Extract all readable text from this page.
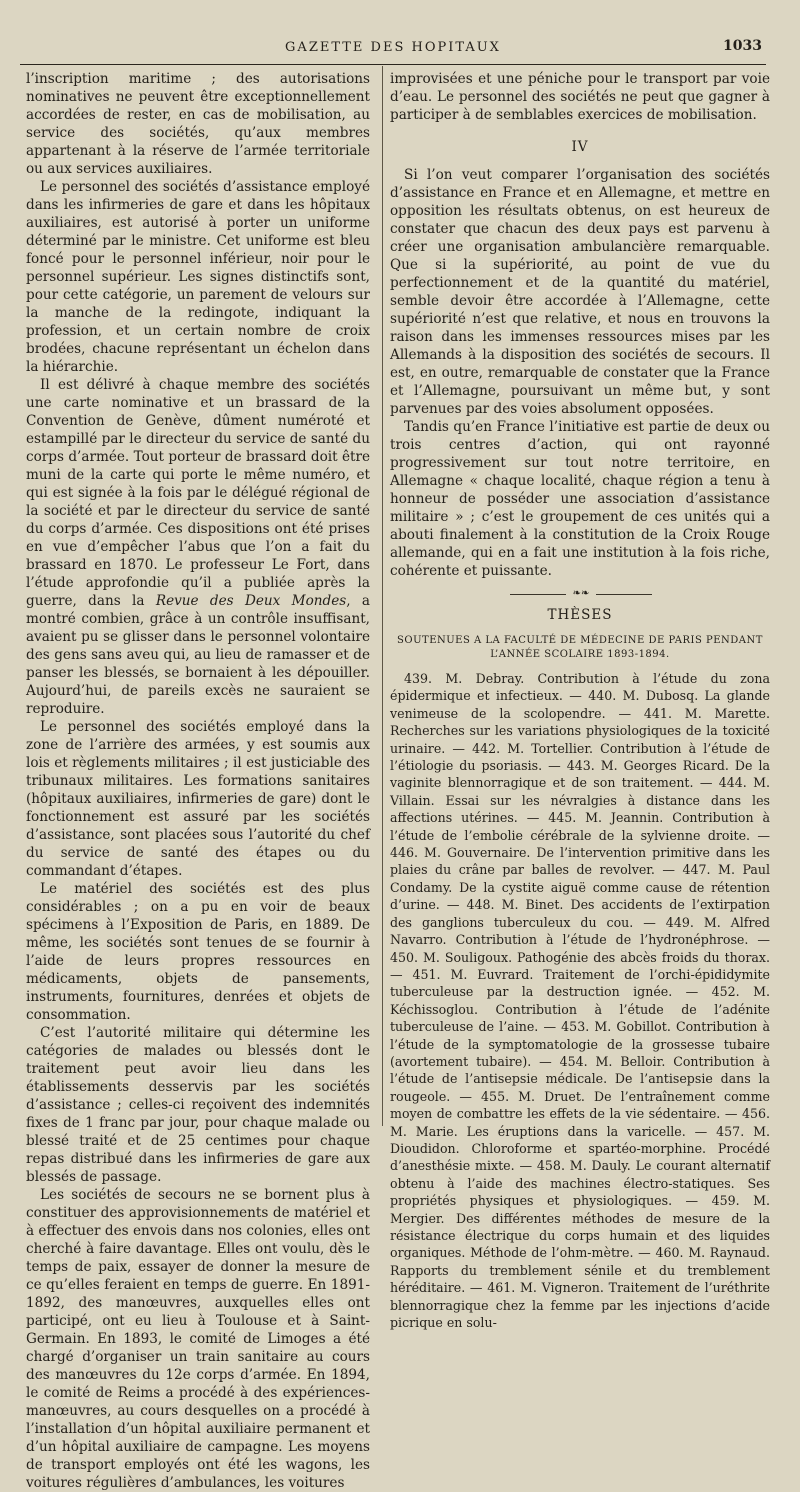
GAZETTE DES HOPITAUX	1033

l’inscription maritime ; des autorisations nominatives ne peuvent être exceptionnellement accordées de rester, en cas de mobilisation, au service des sociétés, qu’aux membres appartenant à la réserve de l’armée territoriale ou aux services auxiliaires.

Le personnel des sociétés d’assistance employé dans les infirmeries de gare et dans les hôpitaux auxiliaires, est autorisé à porter un uniforme déterminé par le ministre. Cet uniforme est bleu foncé pour le personnel inférieur, noir pour le personnel supérieur. Les signes distinctifs sont, pour cette catégorie, un parement de velours sur la manche de la redingote, indiquant la profession, et un certain nombre de croix brodées, chacune représentant un échelon dans la hiérarchie.

Il est délivré à chaque membre des sociétés une carte nominative et un brassard de la Convention de Genève, dûment numéroté et estampillé par le directeur du service de santé du corps d’armée. Tout porteur de brassard doit être muni de la carte qui porte le même numéro, et qui est signée à la fois par le délégué régional de la société et par le directeur du service de santé du corps d’armée. Ces dispositions ont été prises en vue d’empêcher l’abus que l’on a fait du brassard en 1870. Le professeur Le Fort, dans l’étude approfondie qu’il a publiée après la guerre, dans la Revue des Deux Mondes, a montré combien, grâce à un contrôle insuffisant, avaient pu se glisser dans le personnel volontaire des gens sans aveu qui, au lieu de ramasser et de panser les blessés, se bornaient à les dépouiller. Aujourd’hui, de pareils excès ne sauraient se reproduire.

Le personnel des sociétés employé dans la zone de l’arrière des armées, y est soumis aux lois et règlements militaires ; il est justiciable des tribunaux militaires. Les formations sanitaires (hôpitaux auxiliaires, infirmeries de gare) dont le fonctionnement est assuré par les sociétés d’assistance, sont placées sous l’autorité du chef du service de santé des étapes ou du commandant d’étapes.

Le matériel des sociétés est des plus considérables ; on a pu en voir de beaux spécimens à l’Exposition de Paris, en 1889. De même, les sociétés sont tenues de se fournir à l’aide de leurs propres ressources en médicaments, objets de pansements, instruments, fournitures, denrées et objets de consommation.

C’est l’autorité militaire qui détermine les catégories de malades ou blessés dont le traitement peut avoir lieu dans les établissements desservis par les sociétés d’assistance ; celles-ci reçoivent des indemnités fixes de 1 franc par jour, pour chaque malade ou blessé traité et de 25 centimes pour chaque repas distribué dans les infirmeries de gare aux blessés de passage.

Les sociétés de secours ne se bornent plus à constituer des approvisionnements de matériel et à effectuer des envois dans nos colonies, elles ont cherché à faire davantage. Elles ont voulu, dès le temps de paix, essayer de donner la mesure de ce qu’elles feraient en temps de guerre. En 1891-1892, des manœuvres, auxquelles elles ont participé, ont eu lieu à Toulouse et à Saint-Germain. En 1893, le comité de Limoges a été chargé d’organiser un train sanitaire au cours des manœuvres du 12e corps d’armée. En 1894, le comité de Reims a procédé à des expériences-manœuvres, au cours desquelles on a procédé à l’installation d’un hôpital auxiliaire permanent et d’un hôpital auxiliaire de campagne. Les moyens de transport employés ont été les wagons, les voitures régulières d’ambulances, les voitures

improvisées et une péniche pour le transport par voie d’eau. Le personnel des sociétés ne peut que gagner à participer à de semblables exercices de mobilisation.

IV

Si l’on veut comparer l’organisation des sociétés d’assistance en France et en Allemagne, et mettre en opposition les résultats obtenus, on est heureux de constater que chacun des deux pays est parvenu à créer une organisation ambulancière remarquable. Que si la supériorité, au point de vue du perfectionnement et de la quantité du matériel, semble devoir être accordée à l’Allemagne, cette supériorité n’est que relative, et nous en trouvons la raison dans les immenses ressources mises par les Allemands à la disposition des sociétés de secours. Il est, en outre, remarquable de constater que la France et l’Allemagne, poursuivant un même but, y sont parvenues par des voies absolument opposées.

Tandis qu’en France l’initiative est partie de deux ou trois centres d’action, qui ont rayonné progressivement sur tout notre territoire, en Allemagne « chaque localité, chaque région a tenu à honneur de posséder une association d’assistance militaire » ; c’est le groupement de ces unités qui a abouti finalement à la constitution de la Croix Rouge allemande, qui en a fait une institution à la fois riche, cohérente et puissante.

❧❧
THÈSES
SOUTENUES A LA FACULTÉ DE MÉDECINE DE PARIS PENDANT L’ANNÉE SCOLAIRE 1893-1894.

439. M. Debray. Contribution à l’étude du zona épidermique et infectieux. — 440. M. Dubosq. La glande venimeuse de la scolopendre. — 441. M. Marette. Recherches sur les variations physiologiques de la toxicité urinaire. — 442. M. Tortellier. Contribution à l’étude de l’étiologie du psoriasis. — 443. M. Georges Ricard. De la vaginite blennorragique et de son traitement. — 444. M. Villain. Essai sur les névralgies à distance dans les affections utérines. — 445. M. Jeannin. Contribution à l’étude de l’embolie cérébrale de la sylvienne droite. — 446. M. Gouvernaire. De l’intervention primitive dans les plaies du crâne par balles de revolver. — 447. M. Paul Condamy. De la cystite aiguë comme cause de rétention d’urine. — 448. M. Binet. Des accidents de l’extirpation des ganglions tuberculeux du cou. — 449. M. Alfred Navarro. Contribution à l’étude de l’hydronéphrose. — 450. M. Souligoux. Pathogénie des abcès froids du thorax. — 451. M. Euvrard. Traitement de l’orchi-épididymite tuberculeuse par la destruction ignée. — 452. M. Kéchissoglou. Contribution à l’étude de l’adénite tuberculeuse de l’aine. — 453. M. Gobillot. Contribution à l’étude de la symptomatologie de la grossesse tubaire (avortement tubaire). — 454. M. Belloir. Contribution à l’étude de l’antisepsie médicale. De l’antisepsie dans la rougeole. — 455. M. Druet. De l’entraînement comme moyen de combattre les effets de la vie sédentaire. — 456. M. Marie. Les éruptions dans la varicelle. — 457. M. Dioudidon. Chloroforme et spartéo-morphine. Procédé d’anesthésie mixte. — 458. M. Dauly. Le courant alternatif obtenu à l’aide des machines électro-statiques. Ses propriétés physiques et physiologiques. — 459. M. Mergier. Des différentes méthodes de mesure de la résistance électrique du corps humain et des liquides organiques. Méthode de l’ohm-mètre. — 460. M. Raynaud. Rapports du tremblement sénile et du tremblement héréditaire. — 461. M. Vigneron. Traitement de l’uréthrite blennorragique chez la femme par les injections d’acide picrique en solu-
